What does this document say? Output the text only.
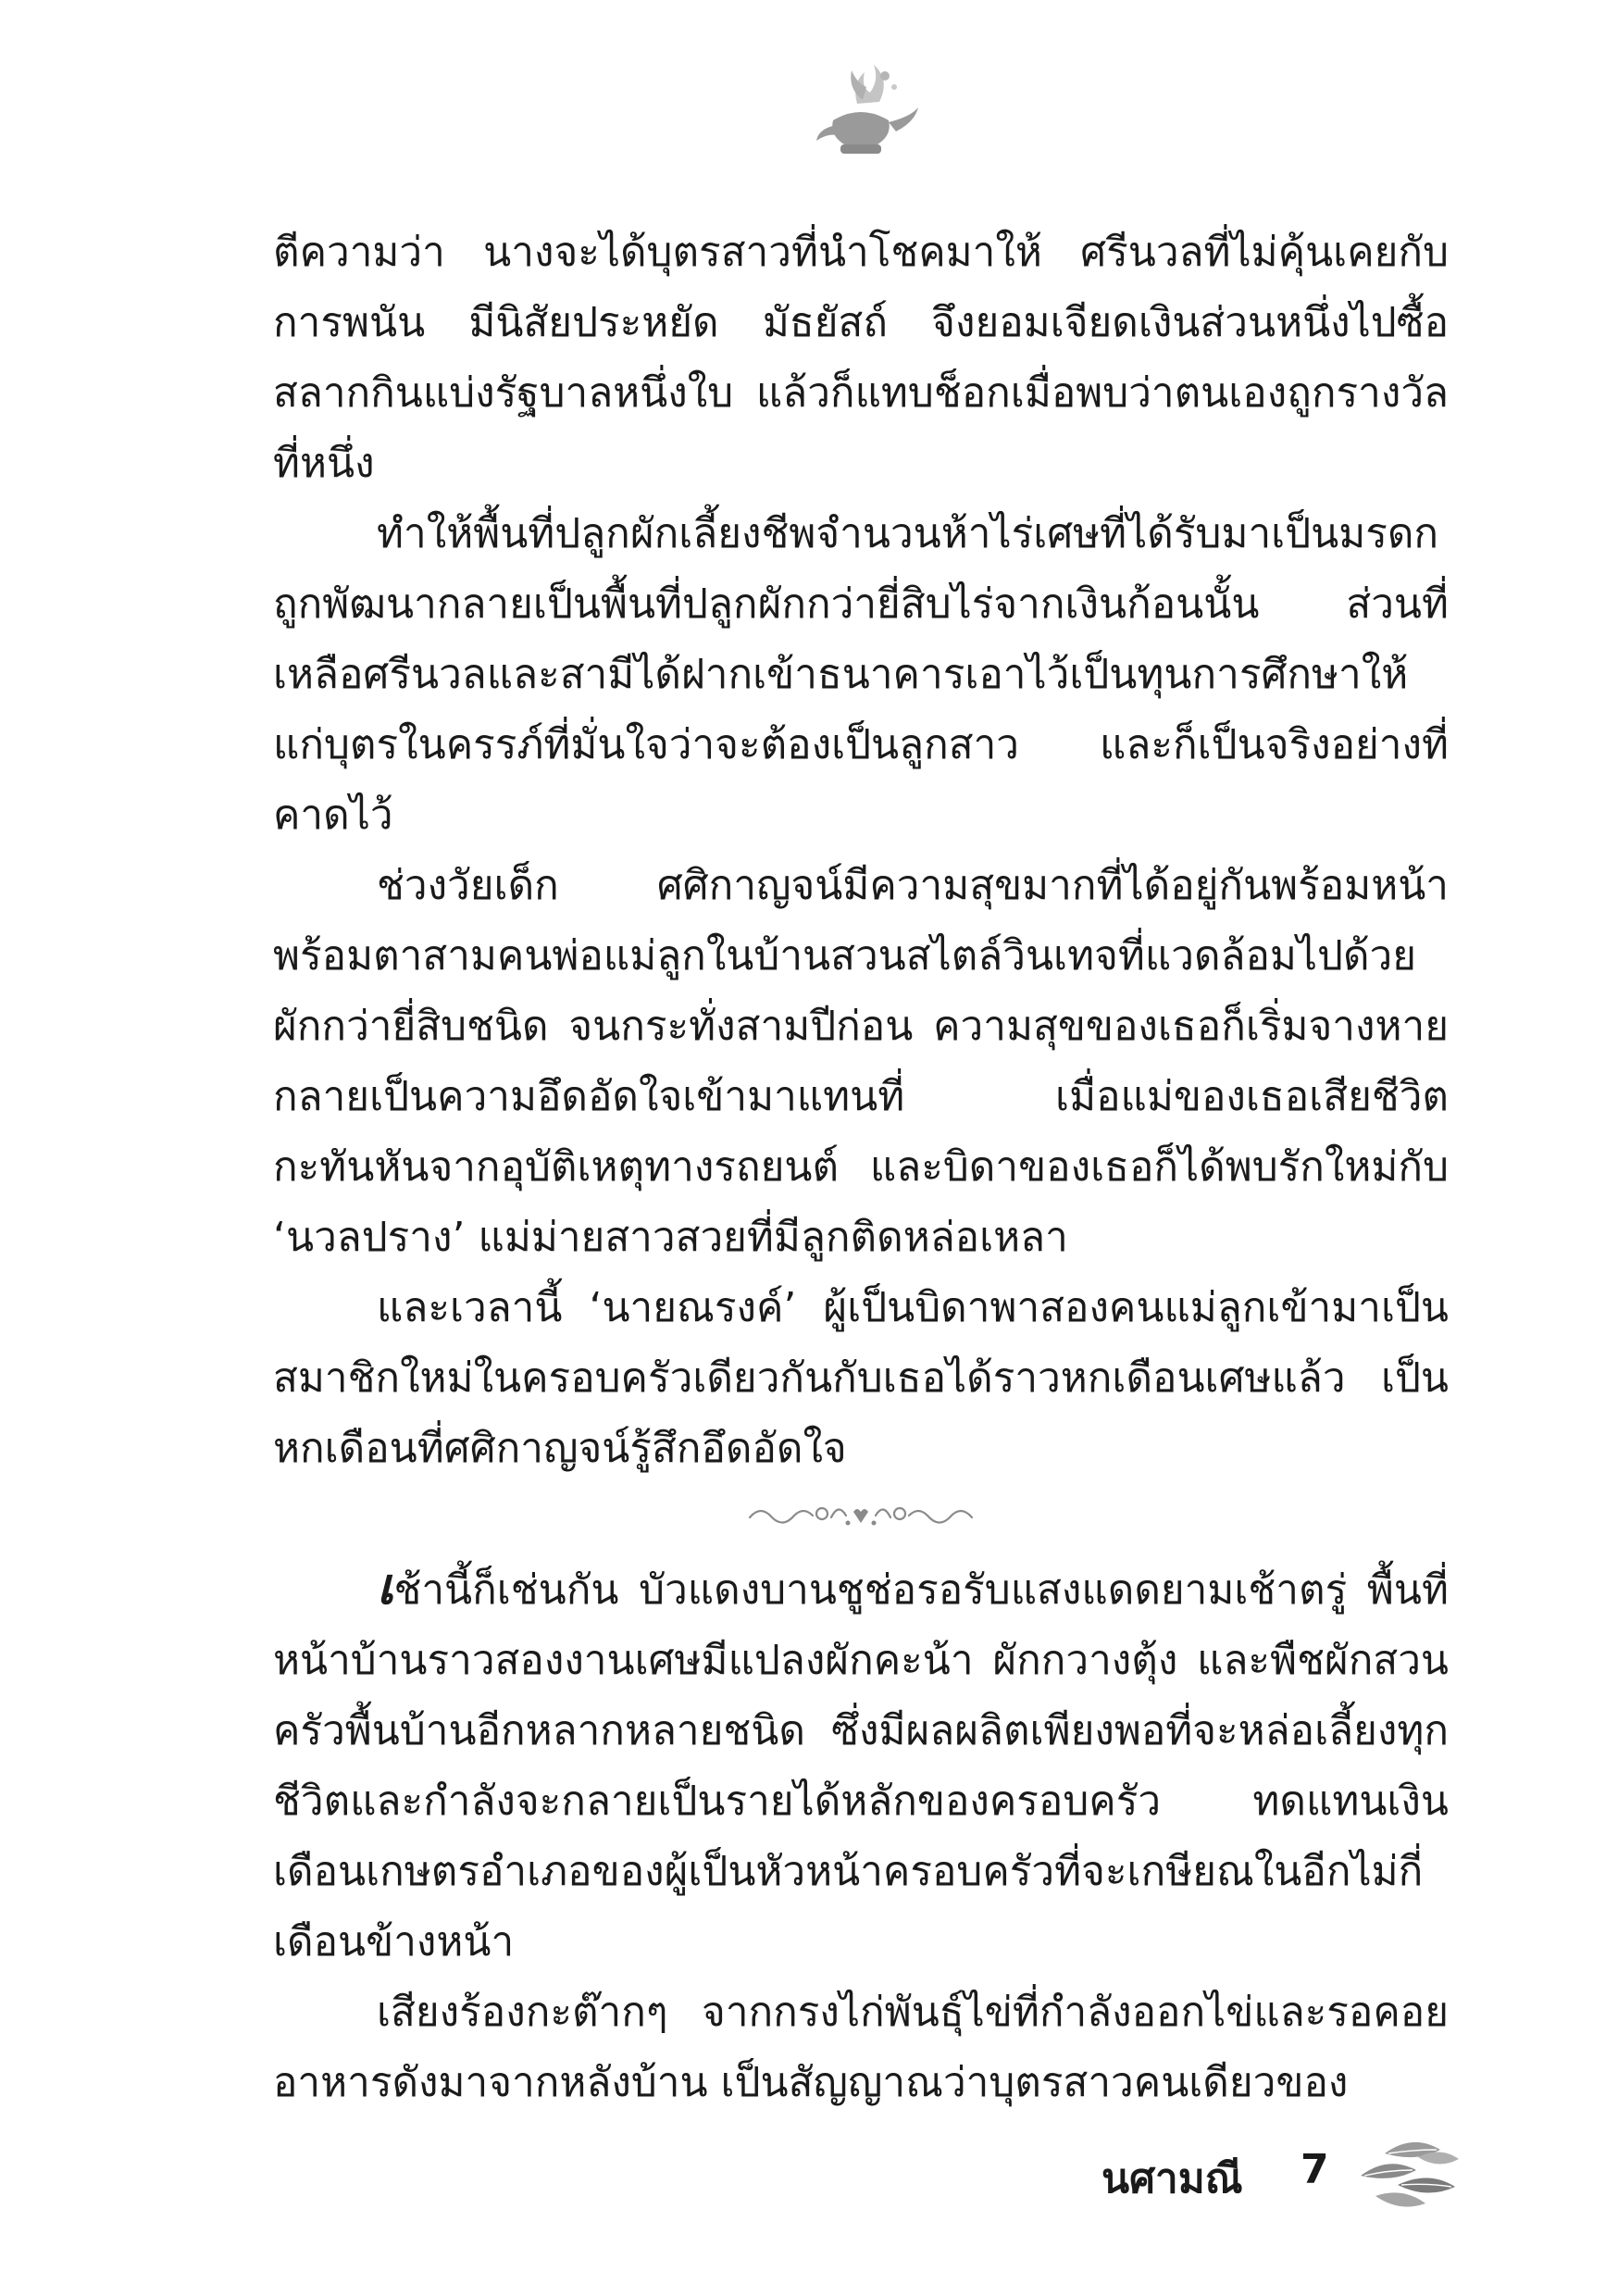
ตีความว่า นางจะได้บุตรสาวที่นำโชคมาให้ ศรีนวลที่ไม่คุ้นเคยกับการพนัน มีนิสัยประหยัด มัธยัสถ์ จึงยอมเจียดเงินส่วนหนึ่งไปซื้อสลากกินแบ่งรัฐบาลหนึ่งใบ แล้วก็แทบช็อกเมื่อพบว่าตนเองถูกรางวัลที่หนึ่ง

ทำให้พื้นที่ปลูกผักเลี้ยงชีพจำนวนห้าไร่เศษที่ได้รับมาเป็นมรดกถูกพัฒนากลายเป็นพื้นที่ปลูกผักกว่ายี่สิบไร่จากเงินก้อนนั้น ส่วนที่เหลือศรีนวลและสามีได้ฝากเข้าธนาคารเอาไว้เป็นทุนการศึกษาให้แก่บุตรในครรภ์ที่มั่นใจว่าจะต้องเป็นลูกสาว และก็เป็นจริงอย่างที่คาดไว้

ช่วงวัยเด็ก ศศิกาญจน์มีความสุขมากที่ได้อยู่กันพร้อมหน้าพร้อมตาสามคนพ่อแม่ลูกในบ้านสวนสไตล์วินเทจที่แวดล้อมไปด้วยผักกว่ายี่สิบชนิด จนกระทั่งสามปีก่อน ความสุขของเธอก็เริ่มจางหายกลายเป็นความอึดอัดใจเข้ามาแทนที่ เมื่อแม่ของเธอเสียชีวิตกะทันหันจากอุบัติเหตุทางรถยนต์ และบิดาของเธอก็ได้พบรักใหม่กับ ‘นวลปราง’ แม่ม่ายสาวสวยที่มีลูกติดหล่อเหลา

และเวลานี้ ‘นายณรงค์’ ผู้เป็นบิดาพาสองคนแม่ลูกเข้ามาเป็นสมาชิกใหม่ในครอบครัวเดียวกันกับเธอได้ราวหกเดือนเศษแล้ว เป็นหกเดือนที่ศศิกาญจน์รู้สึกอึดอัดใจ

เช้านี้ก็เช่นกัน บัวแดงบานชูช่อรอรับแสงแดดยามเช้าตรู่ พื้นที่หน้าบ้านราวสองงานเศษมีแปลงผักคะน้า ผักกวางตุ้ง และพืชผักสวนครัวพื้นบ้านอีกหลากหลายชนิด ซึ่งมีผลผลิตเพียงพอที่จะหล่อเลี้ยงทุกชีวิตและกำลังจะกลายเป็นรายได้หลักของครอบครัว ทดแทนเงินเดือนเกษตรอำเภอของผู้เป็นหัวหน้าครอบครัวที่จะเกษียณในอีกไม่กี่เดือนข้างหน้า

เสียงร้องกะต๊ากๆ จากกรงไก่พันธุ์ไข่ที่กำลังออกไข่และรอคอยอาหารดังมาจากหลังบ้าน เป็นสัญญาณว่าบุตรสาวคนเดียวของ

นศามณี 7
